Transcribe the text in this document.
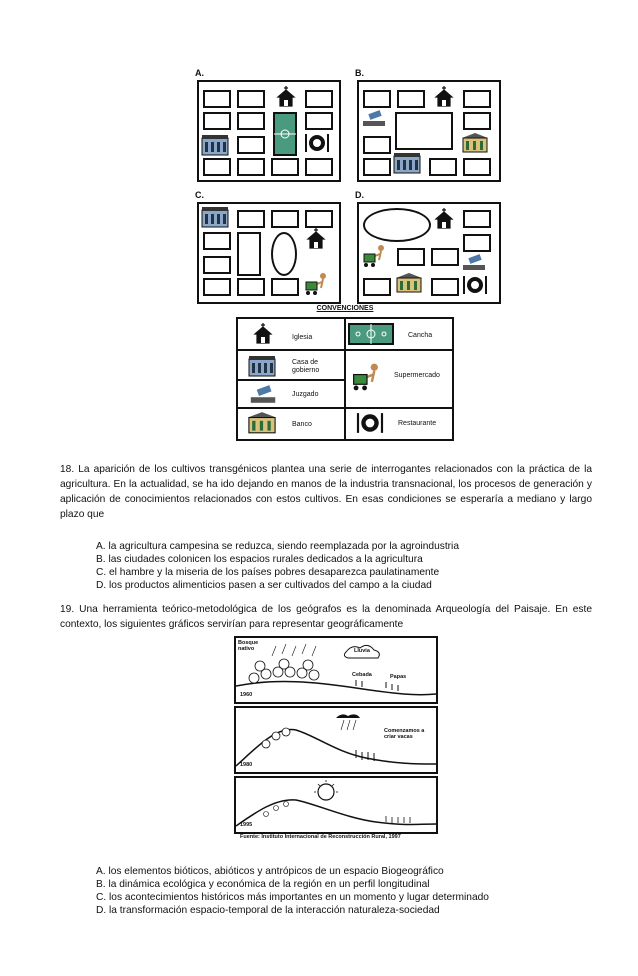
A.	B.
C.	D.
CONVENCIONES
Iglesia	Cancha
Casa de gobierno
Juzgado
Supermercado
Banco	Restaurante

18. La aparición de los cultivos transgénicos plantea una serie de interrogantes relacionados con la práctica de la agricultura. En la actualidad, se ha ido dejando en manos de la industria transnacional, los procesos de generación y aplicación de conocimientos relacionados con estos cultivos. En esas condiciones se esperaría a mediano y largo plazo que

A. la agricultura campesina se reduzca, siendo reemplazada por la agroindustria
B. las ciudades colonicen los espacios rurales dedicados a la agricultura
C. el hambre y la miseria de los países pobres desaparezca paulatinamente
D. los productos alimenticios pasen a ser cultivados del campo a la ciudad

19. Una herramienta teórico-metodológica de los geógrafos es la denominada Arqueología del Paisaje. En este contexto, los siguientes gráficos servirían para representar geográficamente

Bosque nativo	Lluvia
Cebada	Papas
1960
Comenzamos a criar vacas
1980
1995
Fuente: Instituto Internacional de Reconstrucción Rural, 1997
A. los elementos bióticos, abióticos y antrópicos de un espacio Biogeográfico
B. la dinámica ecológica y económica de la región en un perfil longitudinal
C. los acontecimientos históricos más importantes en un momento y lugar determinado
D. la transformación espacio-temporal de la interacción naturaleza-sociedad
